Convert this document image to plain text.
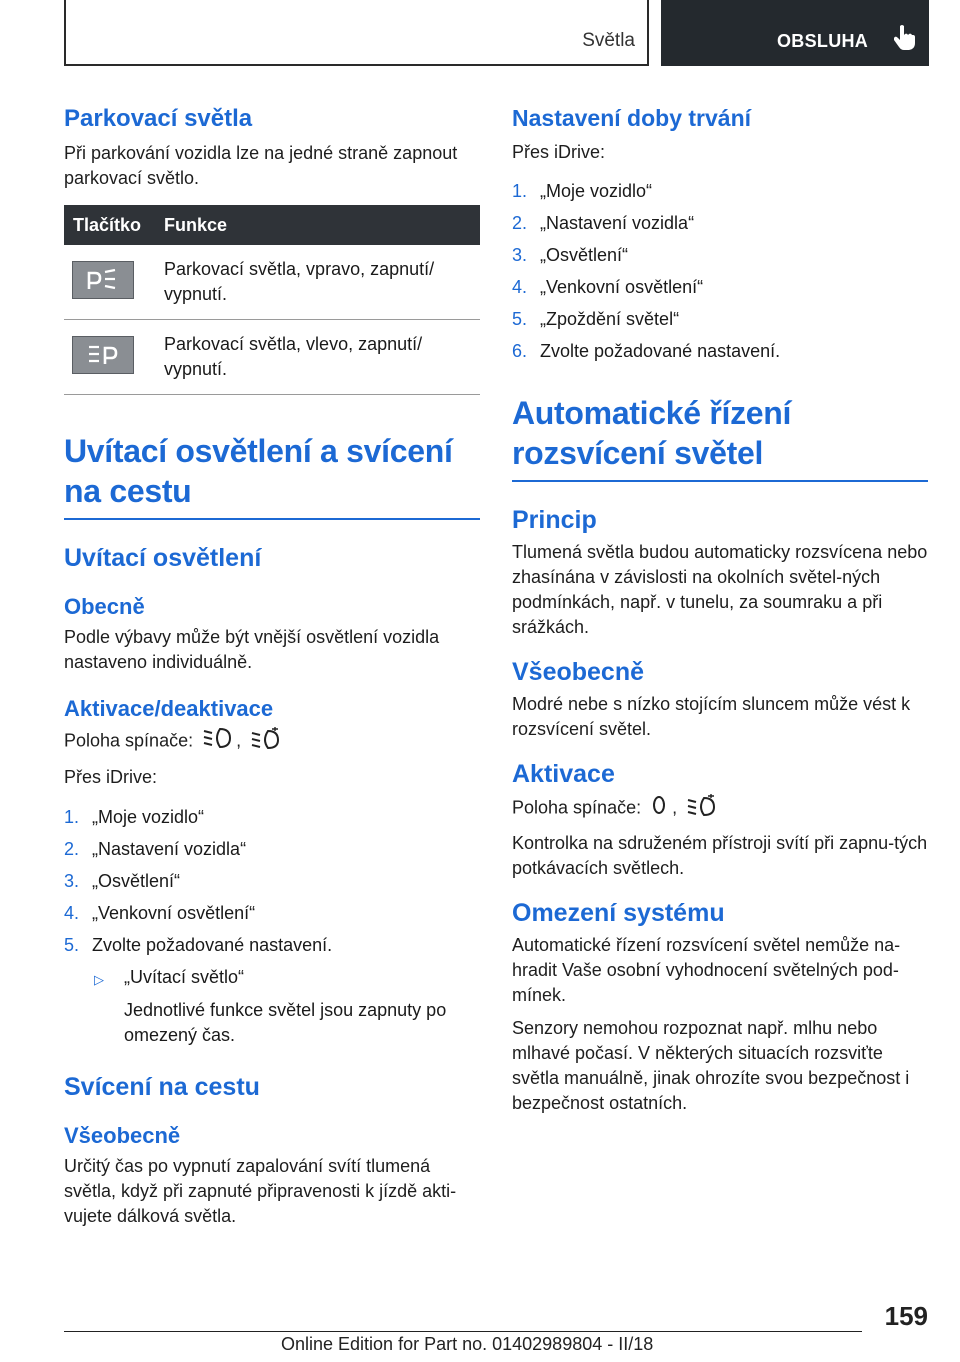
Světla	OBSLUHA
Parkovací světla

Při parkování vozidla lze na jedné straně zapnout parkovací světlo.

Tlačítko	Funkce
Parkovací světla, vpravo, zapnutí/ vypnutí.
Parkovací světla, vlevo, zapnutí/ vypnutí.
Uvítací osvětlení a svícení na cestu
Uvítací osvětlení
Obecně

Podle výbavy může být vnější osvětlení vozidla nastaveno individuálně.

Aktivace/deaktivace

Poloha spínače: ,

Přes iDrive:

1. „Moje vozidlo“
2. „Nastavení vozidla“
3. „Osvětlení“
4. „Venkovní osvětlení“
5. Zvolte požadované nastavení.
▷	„Uvítací světlo“

Jednotlivé funkce světel jsou zapnuty po omezený čas.

Svícení na cestu
Všeobecně

Určitý čas po vypnutí zapalování svítí tlumená světla, když při zapnuté připravenosti k jízdě akti‐vujete dálková světla.

Nastavení doby trvání

Přes iDrive:

1. „Moje vozidlo“
2. „Nastavení vozidla“
3. „Osvětlení“
4. „Venkovní osvětlení“
5. „Zpoždění světel“
6. Zvolte požadované nastavení.
Automatické řízení rozsvícení světel
Princip

Tlumená světla budou automaticky rozsvícena nebo zhasínána v závislosti na okolních světel‐ných podmínkách, např. v tunelu, za soumraku a při srážkách.

Všeobecně

Modré nebe s nízko stojícím sluncem může vést k rozsvícení světel.

Aktivace

Poloha spínače: ,

Kontrolka na sdruženém přístroji svítí při zapnu‐tých potkávacích světlech.

Omezení systému

Automatické řízení rozsvícení světel nemůže na‐hradit Vaše osobní vyhodnocení světelných pod‐mínek.

Senzory nemohou rozpoznat např. mlhu nebo mlhavé počasí. V některých situacích rozsviťte světla manuálně, jinak ohrozíte svou bezpečnost i bezpečnost ostatních.

159
Online Edition for Part no. 01402989804 - II/18
